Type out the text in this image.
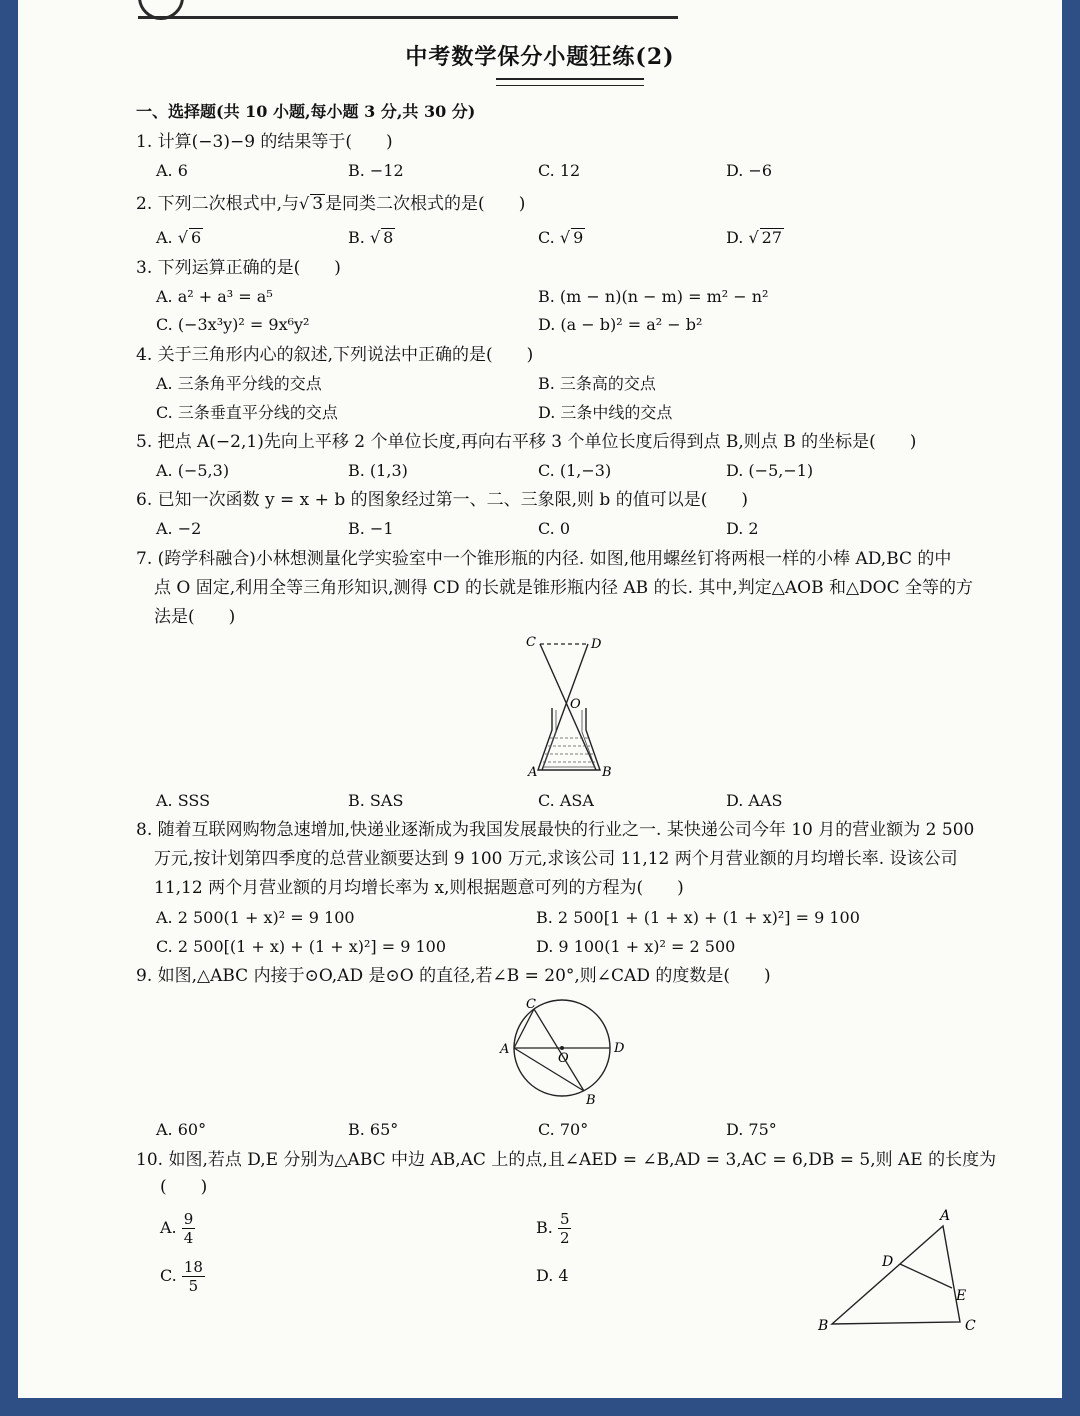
中考数学保分小题狂练(2)
一、选择题(共 10 小题,每小题 3 分,共 30 分)
1. 计算(−3)−9 的结果等于(　　)
A. 6	B. −12	C. 12	D. −6
2. 下列二次根式中,与√ 3 是同类二次根式的是(　　)
A. √ 6	B. √ 8	C. √ 9	D. √ 27
3. 下列运算正确的是(　　)
A. a² + a³ = a⁵	B. (m − n)(n − m) = m² − n²
C. (−3x³y)² = 9x⁶y²	D. (a − b)² = a² − b²
4. 关于三角形内心的叙述,下列说法中正确的是(　　)
A. 三条角平分线的交点	B. 三条高的交点
C. 三条垂直平分线的交点	D. 三条中线的交点
5. 把点 A(−2,1)先向上平移 2 个单位长度,再向右平移 3 个单位长度后得到点 B,则点 B 的坐标是(　　)
A. (−5,3)	B. (1,3)	C. (1,−3)	D. (−5,−1)
6. 已知一次函数 y = x + b 的图象经过第一、二、三象限,则 b 的值可以是(　　)
A. −2	B. −1	C. 0	D. 2
7. (跨学科融合)小林想测量化学实验室中一个锥形瓶的内径. 如图,他用螺丝钉将两根一样的小棒 AD,BC 的中
点 O 固定,利用全等三角形知识,测得 CD 的长就是锥形瓶内径 AB 的长. 其中,判定△AOB 和△DOC 全等的方
法是(　　)
C	D
O
A	B
A. SSS	B. SAS	C. ASA	D. AAS
8. 随着互联网购物急速增加,快递业逐渐成为我国发展最快的行业之一. 某快递公司今年 10 月的营业额为 2 500
万元,按计划第四季度的总营业额要达到 9 100 万元,求该公司 11,12 两个月营业额的月均增长率. 设该公司
11,12 两个月营业额的月均增长率为 x,则根据题意可列的方程为(　　)
A. 2 500(1 + x)² = 9 100	B. 2 500[1 + (1 + x) + (1 + x)²] = 9 100
C. 2 500[(1 + x) + (1 + x)²] = 9 100	D. 9 100(1 + x)² = 2 500
9. 如图,△ABC 内接于⊙O,AD 是⊙O 的直径,若∠B = 20°,则∠CAD 的度数是(　　)
C
A
O
D
B
A. 60°	B. 65°	C. 70°	D. 75°
10. 如图,若点 D,E 分别为△ABC 中边 AB,AC 上的点,且∠AED = ∠B,AD = 3,AC = 6,DB = 5,则 AE 的长度为
(　　)
A. $\frac{9}{4}$	B. $\frac{5}{2}$
C. $\frac{18}{5}$	D. 4
A
D
E
B	C
